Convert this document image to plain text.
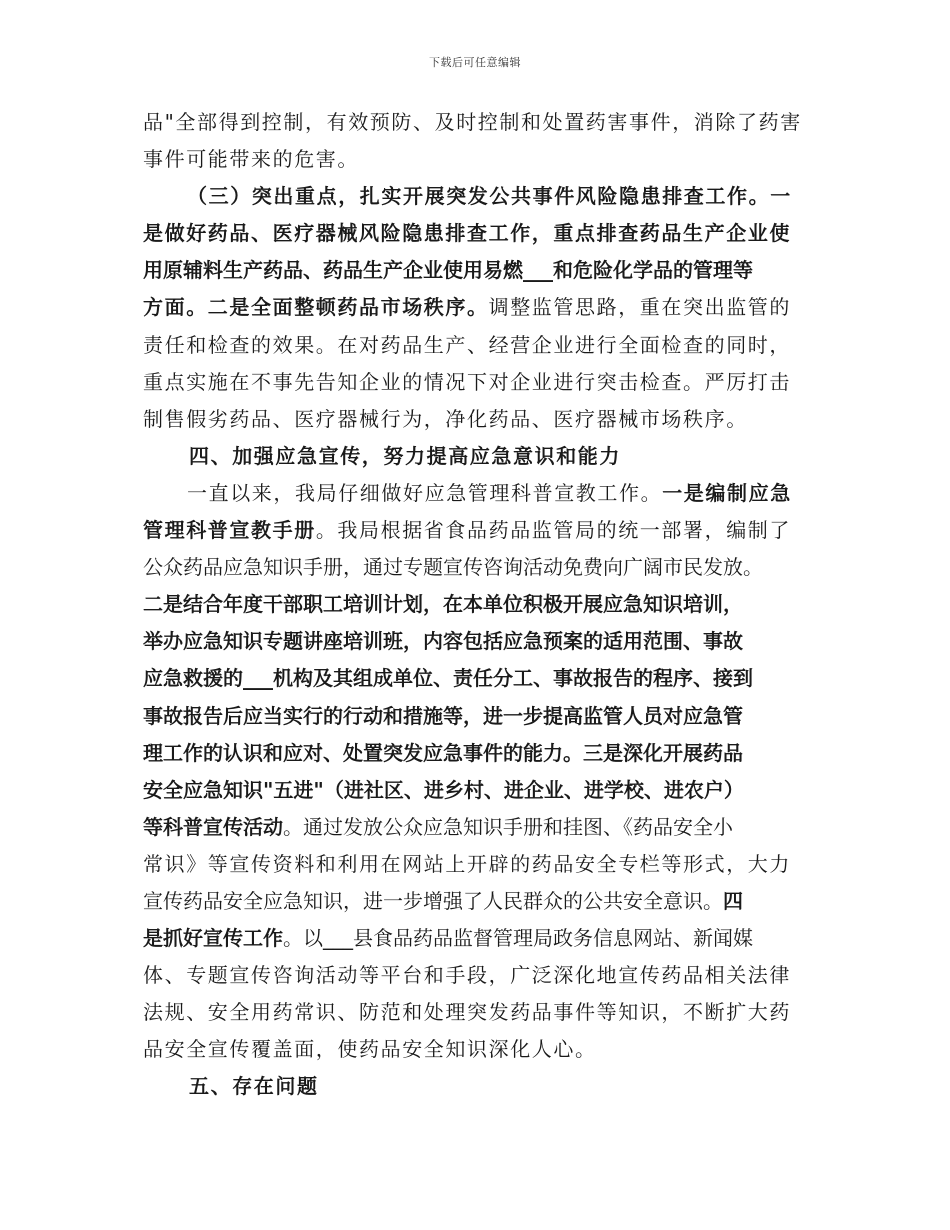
下载后可任意编辑
品"全部得到控制，有效预防、及时控制和处置药害事件，消除了药害
事件可能带来的危害。
（三）突出重点，扎实开展突发公共事件风险隐患排查工作。一
是做好药品、医疗器械风险隐患排查工作，重点排查药品生产企业使
用原辅料生产药品、药品生产企业使用易燃___和危险化学品的管理等
方面。二是全面整顿药品市场秩序。调整监管思路，重在突出监管的
责任和检查的效果。在对药品生产、经营企业进行全面检查的同时，
重点实施在不事先告知企业的情况下对企业进行突击检查。严厉打击
制售假劣药品、医疗器械行为，净化药品、医疗器械市场秩序。
四、加强应急宣传，努力提高应急意识和能力
一直以来，我局仔细做好应急管理科普宣教工作。一是编制应急
管理科普宣教手册。我局根据省食品药品监管局的统一部署，编制了
公众药品应急知识手册，通过专题宣传咨询活动免费向广阔市民发放。
二是结合年度干部职工培训计划，在本单位积极开展应急知识培训，
举办应急知识专题讲座培训班，内容包括应急预案的适用范围、事故
应急救援的___机构及其组成单位、责任分工、事故报告的程序、接到
事故报告后应当实行的行动和措施等，进一步提高监管人员对应急管
理工作的认识和应对、处置突发应急事件的能力。三是深化开展药品
安全应急知识"五进"（进社区、进乡村、进企业、进学校、进农户）
等科普宣传活动。通过发放公众应急知识手册和挂图、《药品安全小
常识》等宣传资料和利用在网站上开辟的药品安全专栏等形式，大力
宣传药品安全应急知识，进一步增强了人民群众的公共安全意识。四
是抓好宣传工作。以___县食品药品监督管理局政务信息网站、新闻媒
体、专题宣传咨询活动等平台和手段，广泛深化地宣传药品相关法律
法规、安全用药常识、防范和处理突发药品事件等知识，不断扩大药
品安全宣传覆盖面，使药品安全知识深化人心。
五、存在问题
